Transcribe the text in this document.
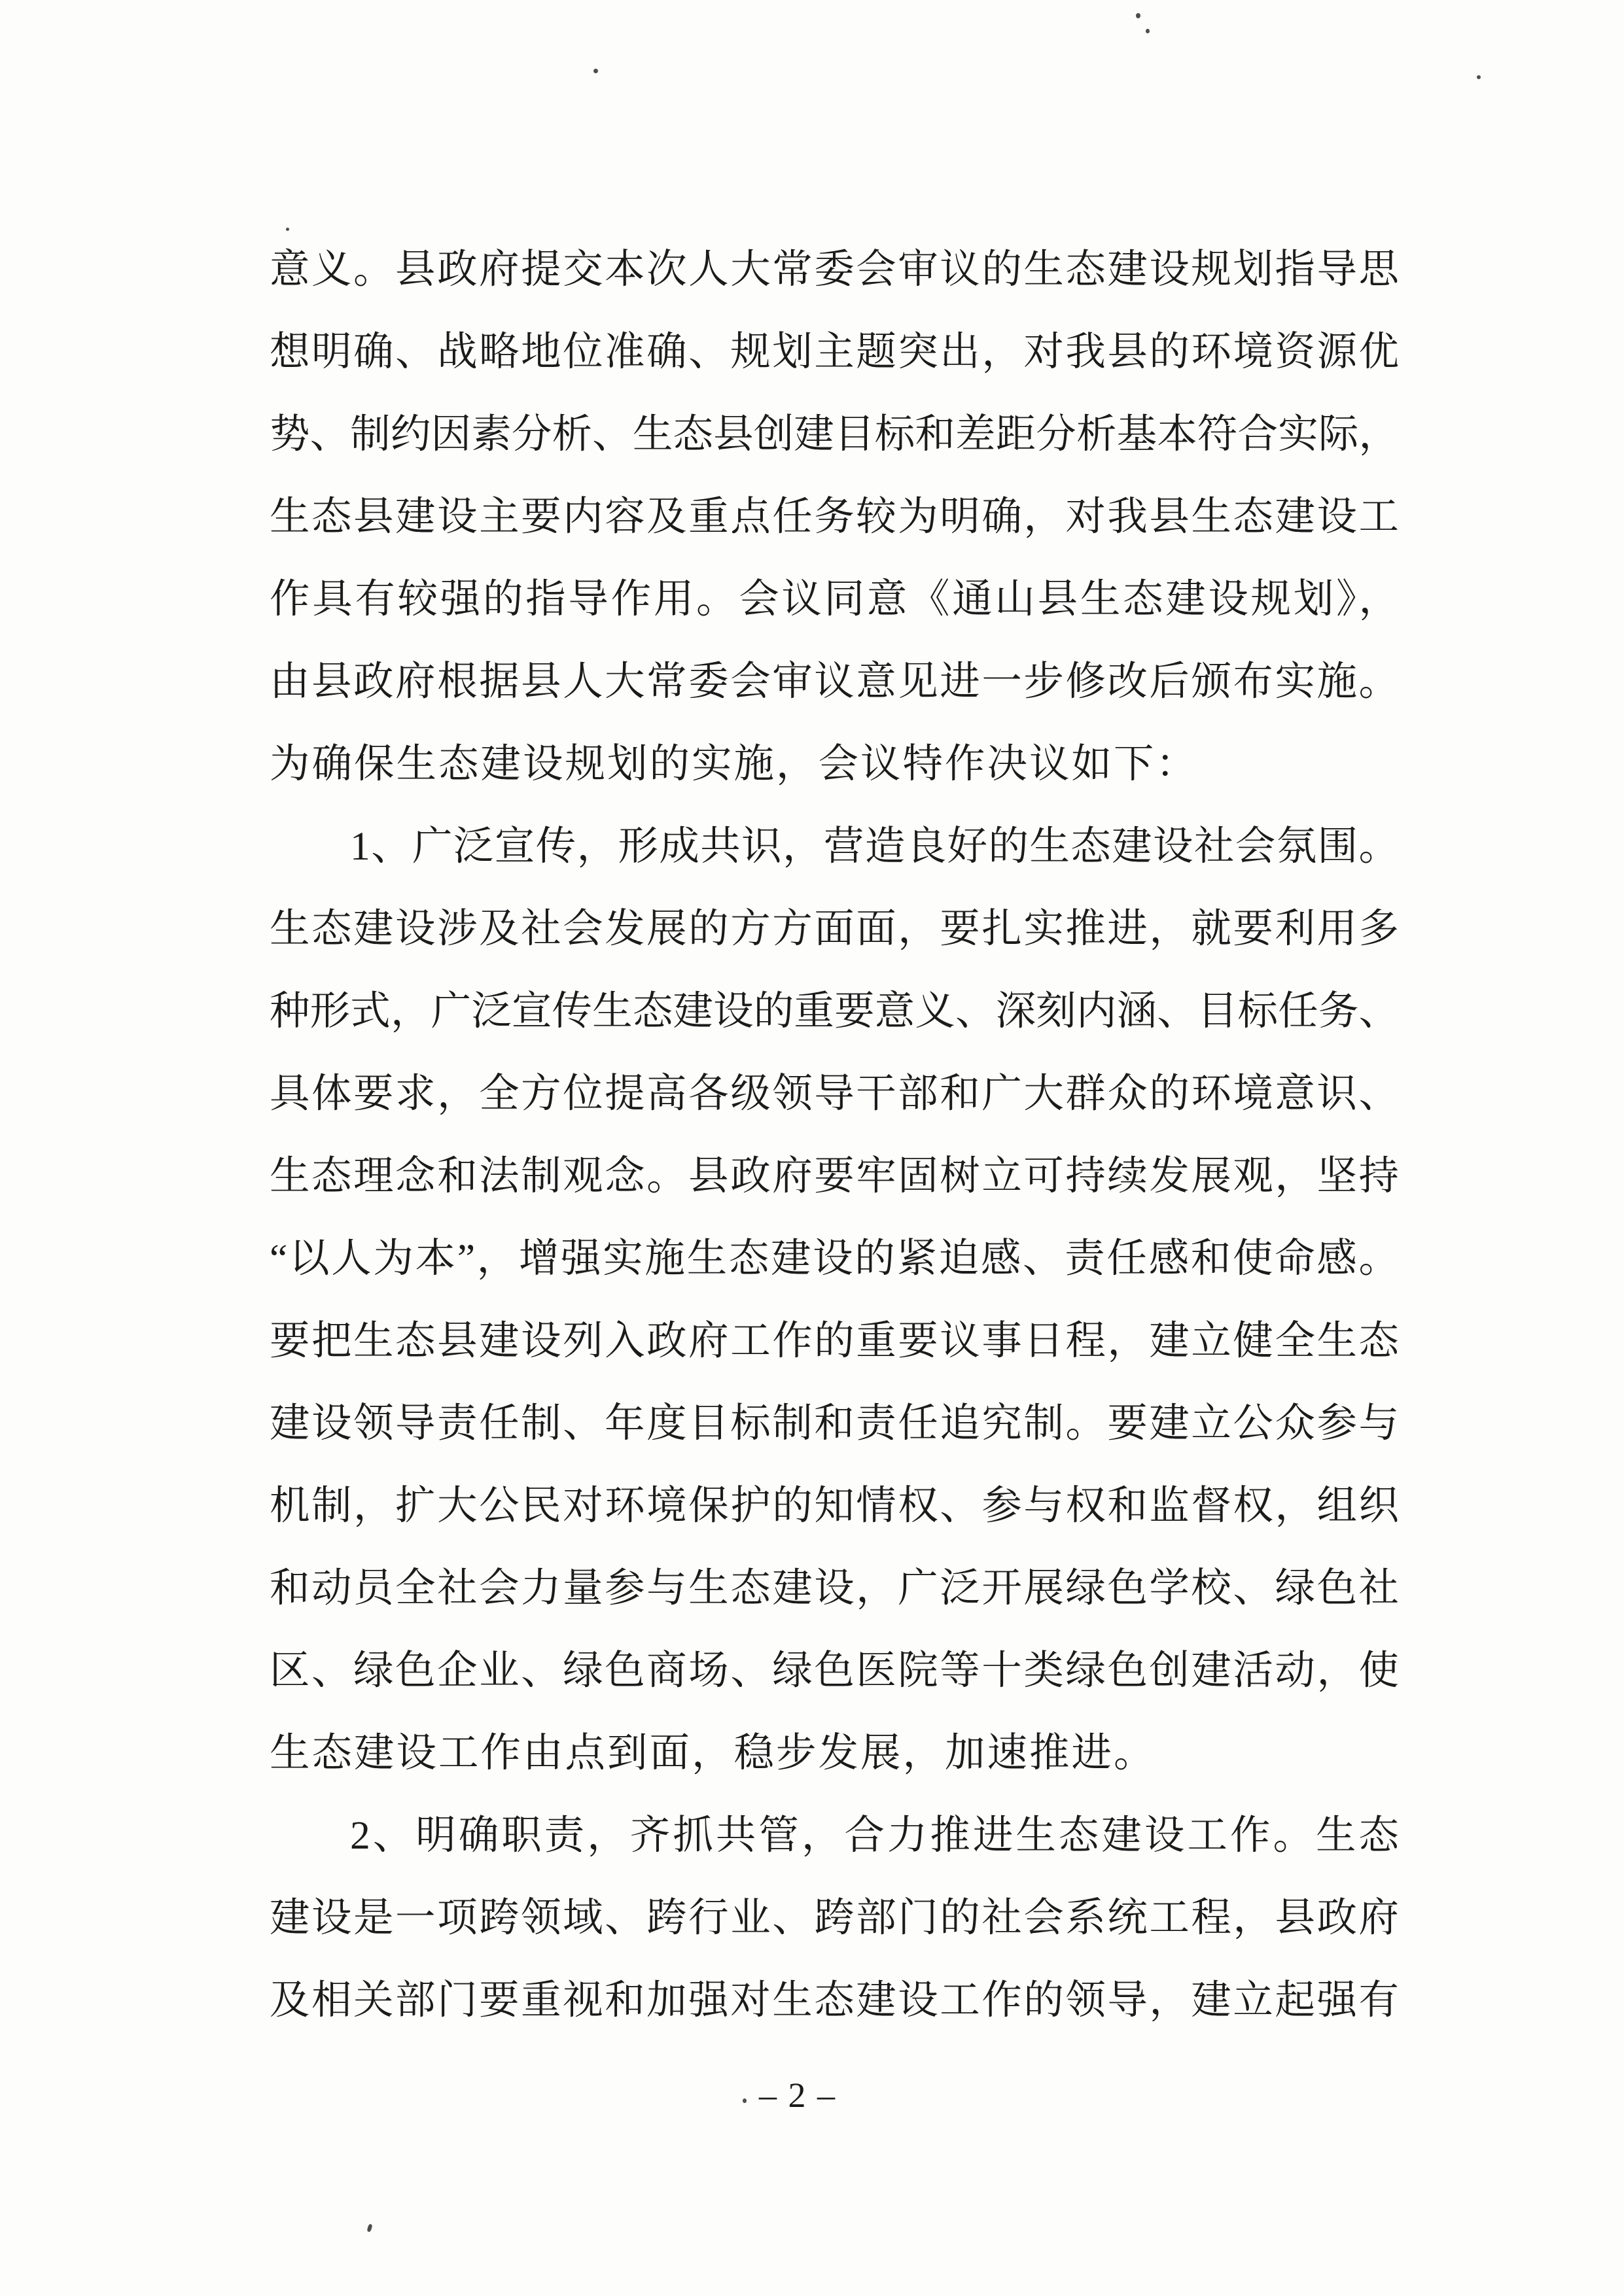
意义。县政府提交本次人大常委会审议的生态建设规划指导思

想明确、战略地位准确、规划主题突出，对我县的环境资源优

势、制约因素分析、生态县创建目标和差距分析基本符合实际，

生态县建设主要内容及重点任务较为明确，对我县生态建设工

作具有较强的指导作用。会议同意《通山县生态建设规划》，

由县政府根据县人大常委会审议意见进一步修改后颁布实施。

为确保生态建设规划的实施，会议特作决议如下：

1、广泛宣传，形成共识，营造良好的生态建设社会氛围。

生态建设涉及社会发展的方方面面，要扎实推进，就要利用多

种形式，广泛宣传生态建设的重要意义、深刻内涵、目标任务、

具体要求，全方位提高各级领导干部和广大群众的环境意识、

生态理念和法制观念。县政府要牢固树立可持续发展观，坚持

“以人为本”，增强实施生态建设的紧迫感、责任感和使命感。

要把生态县建设列入政府工作的重要议事日程，建立健全生态

建设领导责任制、年度目标制和责任追究制。要建立公众参与

机制，扩大公民对环境保护的知情权、参与权和监督权，组织

和动员全社会力量参与生态建设，广泛开展绿色学校、绿色社

区、绿色企业、绿色商场、绿色医院等十类绿色创建活动，使

生态建设工作由点到面，稳步发展，加速推进。

2、明确职责，齐抓共管，合力推进生态建设工作。生态

建设是一项跨领域、跨行业、跨部门的社会系统工程，县政府

及相关部门要重视和加强对生态建设工作的领导，建立起强有

– 2 –
